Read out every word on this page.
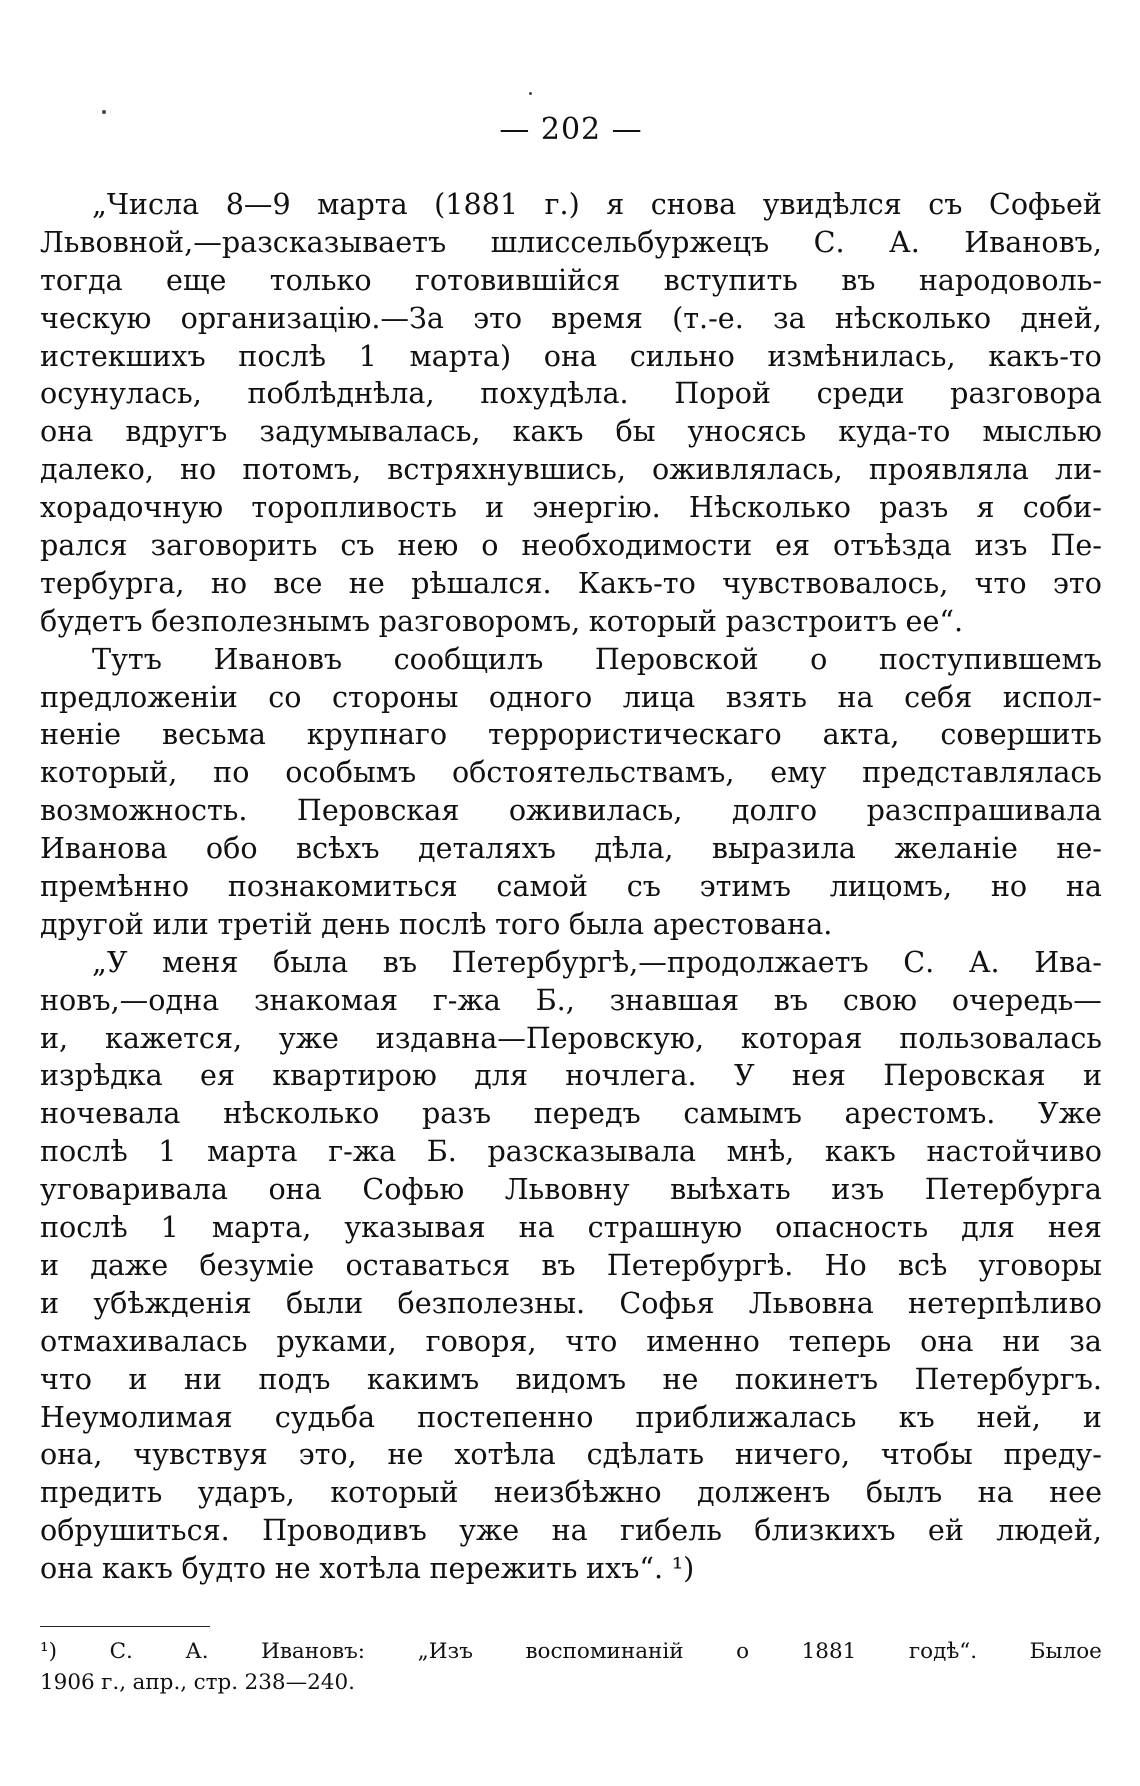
— 202 —
„Числа 8—9 марта (1881 г.) я снова увидѣлся съ Софьей
Львовной,—разсказываетъ шлиссельбуржецъ С. А. Ивановъ,
тогда еще только готовившійся вступить въ народоволь-
ческую организацію.—За это время (т.-е. за нѣсколько дней,
истекшихъ послѣ 1 марта) она сильно измѣнилась, какъ-то
осунулась, поблѣднѣла, похудѣла. Порой среди разговора
она вдругъ задумывалась, какъ бы уносясь куда-то мыслью
далеко, но потомъ, встряхнувшись, оживлялась, проявляла ли-
хорадочную торопливость и энергію. Нѣсколько разъ я соби-
рался заговорить съ нею о необходимости ея отъѣзда изъ Пе-
тербурга, но все не рѣшался. Какъ-то чувствовалось, что это
будетъ безполезнымъ разговоромъ, который разстроитъ ее“.
Тутъ Ивановъ сообщилъ Перовской о поступившемъ
предложеніи со стороны одного лица взять на себя испол-
неніе весьма крупнаго террористическаго акта, совершить
который, по особымъ обстоятельствамъ, ему представлялась
возможность. Перовская оживилась, долго разспрашивала
Иванова обо всѣхъ деталяхъ дѣла, выразила желаніе не-
премѣнно познакомиться самой съ этимъ лицомъ, но на
другой или третій день послѣ того была арестована.
„У меня была въ Петербургѣ,—продолжаетъ С. А. Ива-
новъ,—одна знакомая г-жа Б., знавшая въ свою очередь—
и, кажется, уже издавна—Перовскую, которая пользовалась
изрѣдка ея квартирою для ночлега. У нея Перовская и
ночевала нѣсколько разъ передъ самымъ арестомъ. Уже
послѣ 1 марта г-жа Б. разсказывала мнѣ, какъ настойчиво
уговаривала она Софью Львовну выѣхать изъ Петербурга
послѣ 1 марта, указывая на страшную опасность для нея
и даже безуміе оставаться въ Петербургѣ. Но всѣ уговоры
и убѣжденія были безполезны. Софья Львовна нетерпѣливо
отмахивалась руками, говоря, что именно теперь она ни за
что и ни подъ какимъ видомъ не покинетъ Петербургъ.
Неумолимая судьба постепенно приближалась къ ней, и
она, чувствуя это, не хотѣла сдѣлать ничего, чтобы преду-
предить ударъ, который неизбѣжно долженъ былъ на нее
обрушиться. Проводивъ уже на гибель близкихъ ей людей,
она какъ будто не хотѣла пережить ихъ“. ¹)
¹) С. А. Ивановъ: „Изъ воспоминаній о 1881 годѣ“. Былое
1906 г., апр., стр. 238—240.
